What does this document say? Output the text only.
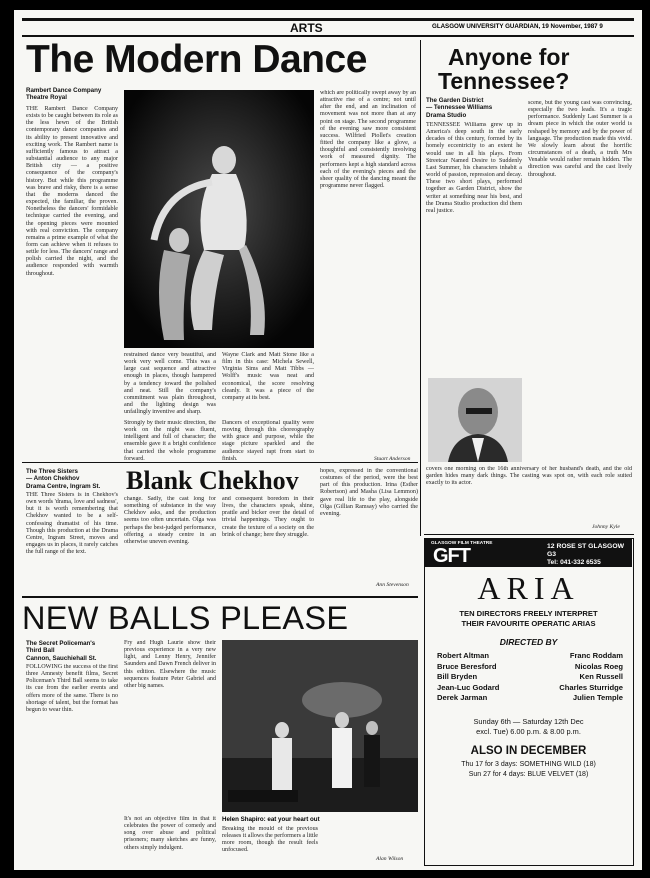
ARTS	GLASGOW UNIVERSITY GUARDIAN, 19 November, 1987 9
The Modern Dance
Rambert Dance Company
Theatre Royal

THE Rambert Dance Company exists to be caught between its role as the less hewn of the British contemporary dance companies and its ability to present innovative and exciting work. The Rambert name is sufficiently famous to attract a substantial audience to any major British city — a positive consequence of the company's history. But while this programme was brave and risky, there is a sense that the moderns danced the expected, the familiar, the proven. Nonetheless the dancers' formidable technique carried the evening, and the opening pieces were mounted with real conviction. The company remains a prime example of what the form can achieve when it refuses to settle for less. The dancers' range and polish carried the night, and the audience responded with warmth throughout.

restrained dance very beautiful, and work very well come. This was a large cast sequence and attractive enough in places, though hampered by a tendency toward the polished and neat. Still the company's commitment was plain throughout, and the lighting design was unfailingly inventive and sharp.

Strongly by their music direction, the work on the night was fluent, intelligent and full of character; the ensemble gave it a bright confidence that carried the whole programme forward.

Wayne Clark and Matt Stone like a film in this case: Michela Sewell, Virginia Sims and Matt Tibbs — Wolff's music was neat and economical, the score resolving cleanly. It was a piece of the company at its best.

Dancers of exceptional quality were moving through this choreography with grace and purpose, while the stage picture sparkled and the audience stayed rapt from start to finish.

which are politically swept away by an attractive rise of a centre; not until after the end, and an inclination of movement was not more than at any point on stage. The second programme of the evening saw more consistent success. Wilfried Piollet's creation fitted the company like a glove, a thoughtful and consistently involving work of measured dignity. The performers kept a high standard across each of the evening's pieces and the sheer quality of the dancing meant the programme never flagged.

Stuart Anderson
Anyone for
Tennessee?
The Garden District
— Tennessee Williams
Drama Studio

TENNESSEE Williams grew up in America's deep south in the early decades of this century, formed by its homely eccentricity to an extent he would use in all his plays. From Streetcar Named Desire to Suddenly Last Summer, his characters inhabit a world of passion, repression and decay. These two short plays, performed together as Garden District, show the writer at something near his best, and the Drama Studio production did them real justice.

scene, but the young cast was convincing, especially the two leads. It's a tragic performance. Suddenly Last Summer is a dream piece in which the outer world is reshaped by memory and by the power of language. The production made this vivid. We slowly learn about the horrific circumstances of a death, a truth Mrs Venable would rather remain hidden. The direction was careful and the cast lively throughout.

covers one morning on the 16th anniversary of her husband's death, and the old garden hides many dark things. The casting was spot on, with each role suited exactly to its actor.

Johnny Kyle
The Three Sisters
— Anton Chekhov
Drama Centre, Ingram St. Blank Chekhov

THE Three Sisters is in Chekhov's own words 'drama, love and sadness', but it is worth remembering that Chekhov wanted to be a self-confessing dramatist of his time. Though this production at the Drama Centre, Ingram Street, moves and engages us in places, it rarely catches the full range of the text.

change. Sadly, the cast long for something of substance in the way Chekhov asks, and the production seems too often uncertain. Olga was perhaps the best-judged performance, offering a steady centre in an otherwise uneven evening.

and consequent boredom in their lives, the characters speak, shine, prattle and bicker over the detail of trivial happenings. They ought to create the texture of a society on the brink of change; here they struggle.

hopes, expressed in the conventional costumes of the period, were the best part of this production. Irina (Esther Robertson) and Masha (Lisa Lemmon) gave real life to the play, alongside Olga (Gillian Ramsay) who carried the evening.

Ann Stevenson
NEW BALLS PLEASE
The Secret Policeman's
Third Ball
Cannon, Sauchiehall St.

FOLLOWING the success of the first three Amnesty benefit films, Secret Policeman's Third Ball seems to take its cue from the earlier events and offers more of the same. There is no shortage of talent, but the format has begun to wear thin.

Fry and Hugh Laurie show their previous experience in a very new light, and Lenny Henry, Jennifer Saunders and Dawn French deliver in this edition. Elsewhere the music sequences feature Peter Gabriel and other big names.

It's not an objective film in that it celebrates the power of comedy and song over abuse and political prisoners; many sketches are funny, others simply indulgent.

Helen Shapiro: eat your heart out

Breaking the mould of the previous releases it allows the performers a little more room, though the result feels unfocused.

Alan Wilson
GLASGOW FILM THEATRE
GFT	12 ROSE ST GLASGOW G3
Tel: 041-332 6535
ARIA
TEN DIRECTORS FREELY INTERPRET
THEIR FAVOURITE OPERATIC ARIAS
DIRECTED BY
Robert Altman
Bruce Beresford
Bill Bryden
Jean-Luc Godard
Derek Jarman
Franc Roddam
Nicolas Roeg
Ken Russell
Charles Sturridge
Julien Temple
Sunday 6th — Saturday 12th Dec
excl. Tue) 6.00 p.m. & 8.00 p.m.
ALSO IN DECEMBER
Thu 17 for 3 days: SOMETHING WILD (18)
Sun 27 for 4 days: BLUE VELVET (18)
